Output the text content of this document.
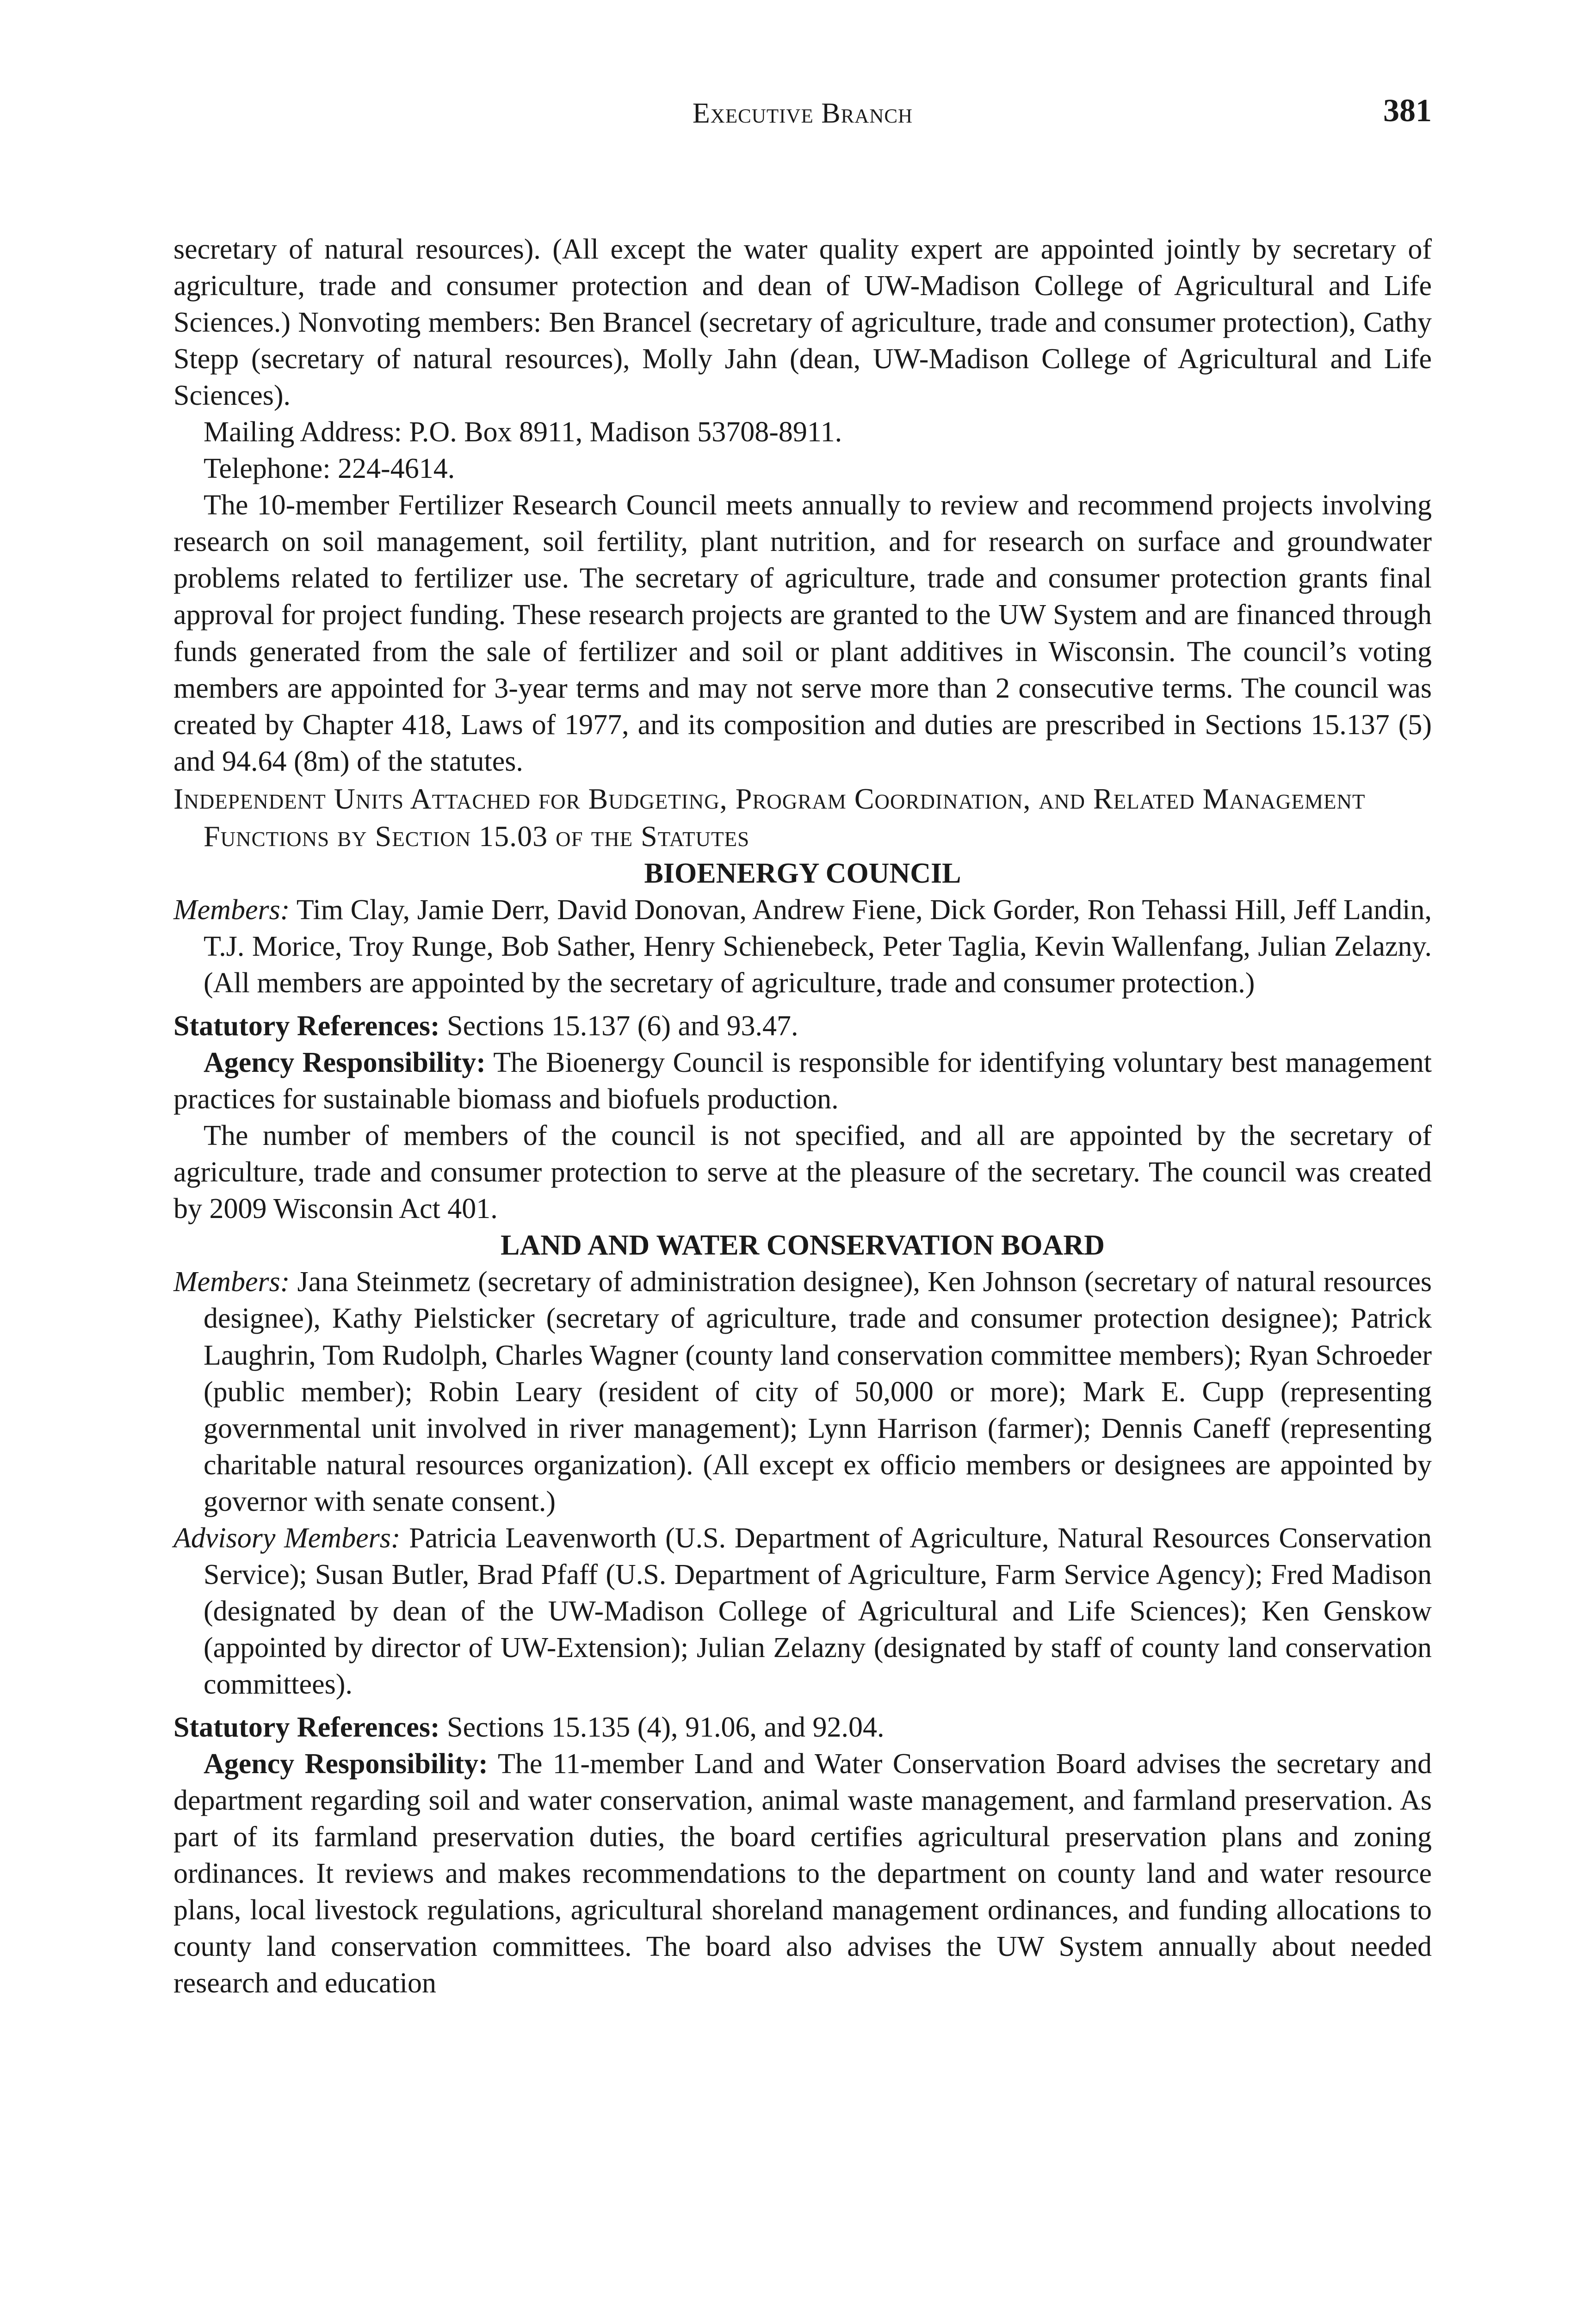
Executive Branch	381

secretary of natural resources). (All except the water quality expert are appointed jointly by secretary of agriculture, trade and consumer protection and dean of UW-Madison College of Agricultural and Life Sciences.) Nonvoting members: Ben Brancel (secretary of agriculture, trade and consumer protection), Cathy Stepp (secretary of natural resources), Molly Jahn (dean, UW-Madison College of Agricultural and Life Sciences).

Mailing Address: P.O. Box 8911, Madison 53708-8911.

Telephone: 224-4614.

The 10-member Fertilizer Research Council meets annually to review and recommend projects involving research on soil management, soil fertility, plant nutrition, and for research on surface and groundwater problems related to fertilizer use. The secretary of agriculture, trade and consumer protection grants final approval for project funding. These research projects are granted to the UW System and are financed through funds generated from the sale of fertilizer and soil or plant additives in Wisconsin. The council’s voting members are appointed for 3-year terms and may not serve more than 2 consecutive terms. The council was created by Chapter 418, Laws of 1977, and its composition and duties are prescribed in Sections 15.137 (5) and 94.64 (8m) of the statutes.

Independent Units Attached for Budgeting, Program Coordination, and Related Management Functions by Section 15.03 of the Statutes

BIOENERGY COUNCIL

Members: Tim Clay, Jamie Derr, David Donovan, Andrew Fiene, Dick Gorder, Ron Tehassi Hill, Jeff Landin, T.J. Morice, Troy Runge, Bob Sather, Henry Schienebeck, Peter Taglia, Kevin Wallenfang, Julian Zelazny. (All members are appointed by the secretary of agriculture, trade and consumer protection.)

Statutory References: Sections 15.137 (6) and 93.47.

Agency Responsibility: The Bioenergy Council is responsible for identifying voluntary best management practices for sustainable biomass and biofuels production.

The number of members of the council is not specified, and all are appointed by the secretary of agriculture, trade and consumer protection to serve at the pleasure of the secretary. The council was created by 2009 Wisconsin Act 401.

LAND AND WATER CONSERVATION BOARD

Members: Jana Steinmetz (secretary of administration designee), Ken Johnson (secretary of natural resources designee), Kathy Pielsticker (secretary of agriculture, trade and consumer protection designee); Patrick Laughrin, Tom Rudolph, Charles Wagner (county land conservation committee members); Ryan Schroeder (public member); Robin Leary (resident of city of 50,000 or more); Mark E. Cupp (representing governmental unit involved in river management); Lynn Harrison (farmer); Dennis Caneff (representing charitable natural resources organization). (All except ex officio members or designees are appointed by governor with senate consent.)

Advisory Members: Patricia Leavenworth (U.S. Department of Agriculture, Natural Resources Conservation Service); Susan Butler, Brad Pfaff (U.S. Department of Agriculture, Farm Service Agency); Fred Madison (designated by dean of the UW-Madison College of Agricultural and Life Sciences); Ken Genskow (appointed by director of UW-Extension); Julian Zelazny (designated by staff of county land conservation committees).

Statutory References: Sections 15.135 (4), 91.06, and 92.04.

Agency Responsibility: The 11-member Land and Water Conservation Board advises the secretary and department regarding soil and water conservation, animal waste management, and farmland preservation. As part of its farmland preservation duties, the board certifies agricultural preservation plans and zoning ordinances. It reviews and makes recommendations to the department on county land and water resource plans, local livestock regulations, agricultural shoreland management ordinances, and funding allocations to county land conservation committees. The board also advises the UW System annually about needed research and education
